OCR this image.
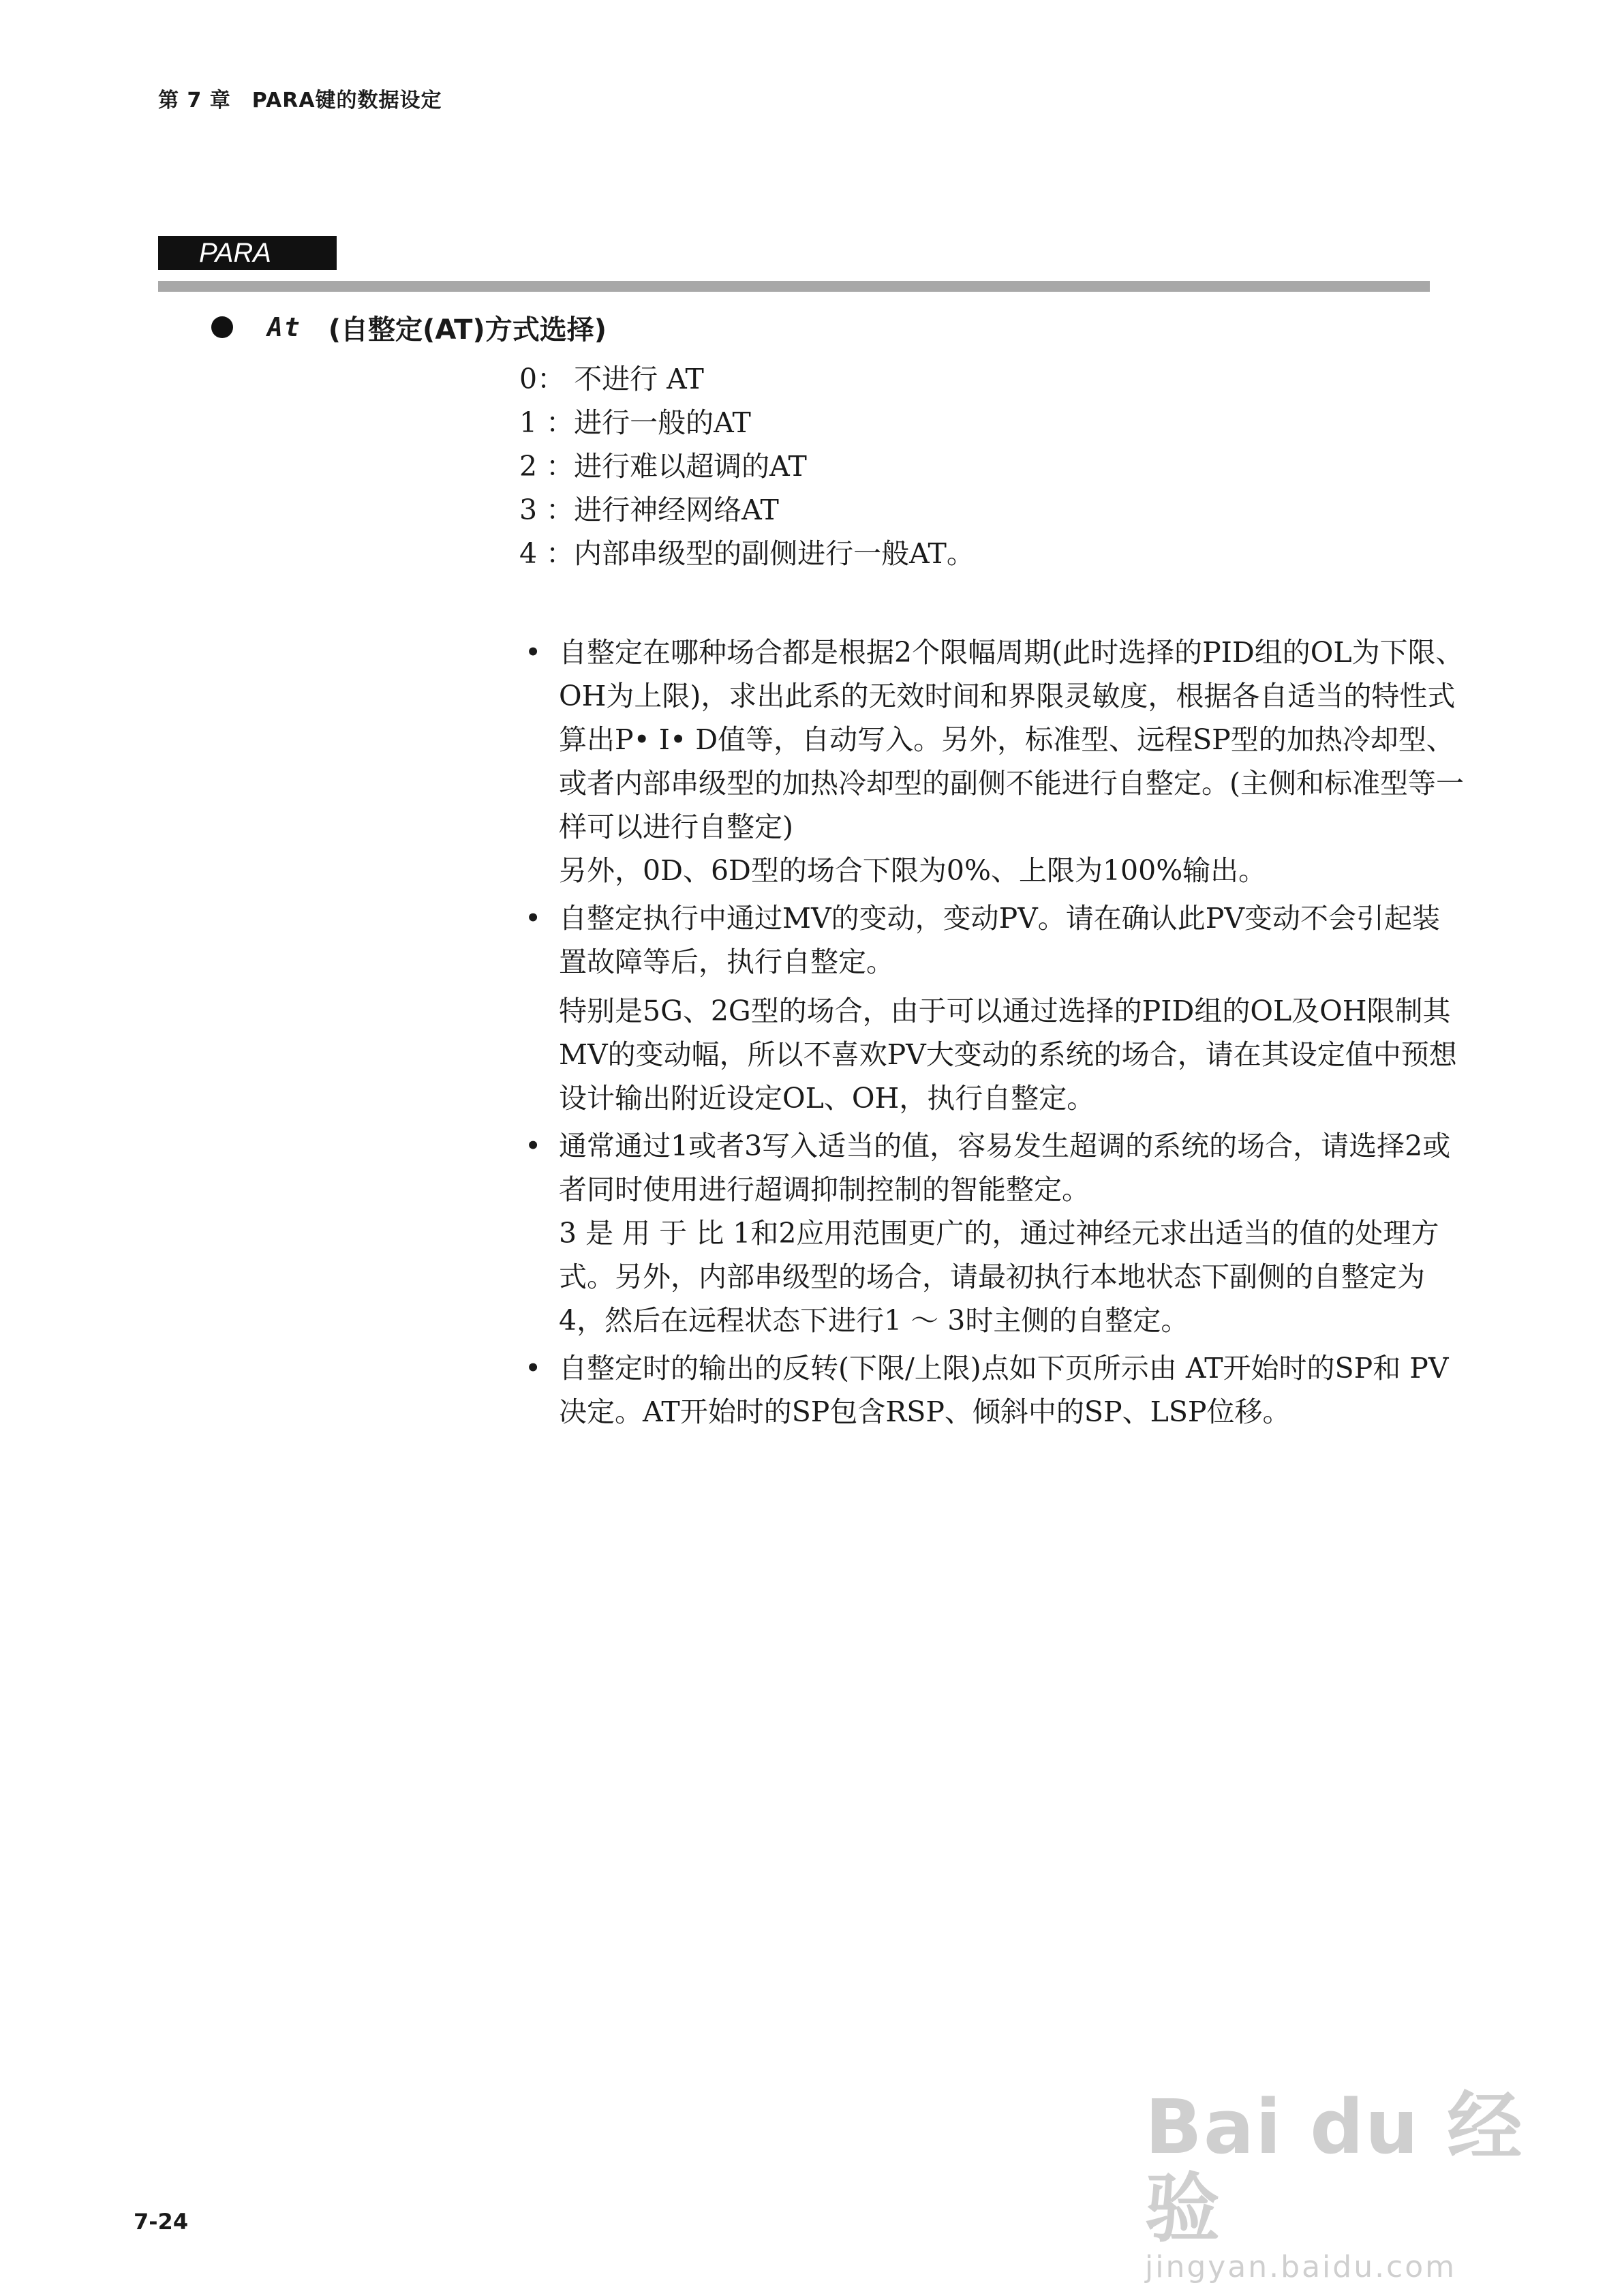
第 7 章　PARA键的数据设定
PARA
At (自整定(AT)方式选择)
0： 不进行 AT
1 ：进行一般的AT
2 ：进行难以超调的AT
3 ：进行神经网络AT
4 ：内部串级型的副侧进行一般AT。

• 自整定在哪种场合都是根据2个限幅周期(此时选择的PID组的OL为下限、OH为上限)，求出此系的无效时间和界限灵敏度，根据各自适当的特性式算出P• I• D值等，自动写入。另外，标准型、远程SP型的加热冷却型、或者内部串级型的加热冷却型的副侧不能进行自整定。(主侧和标准型等一样可以进行自整定)

另外，0D、6D型的场合下限为0%、上限为100%输出。

• 自整定执行中通过MV的变动，变动PV。请在确认此PV变动不会引起装置故障等后，执行自整定。

特别是5G、2G型的场合，由于可以通过选择的PID组的OL及OH限制其MV的变动幅，所以不喜欢PV大变动的系统的场合，请在其设定值中预想设计输出附近设定OL、OH，执行自整定。

• 通常通过1或者3写入适当的值，容易发生超调的系统的场合，请选择2或者同时使用进行超调抑制控制的智能整定。

3 是 用 于 比 1和2应用范围更广的，通过神经元求出适当的值的处理方式。另外，内部串级型的场合，请最初执行本地状态下副侧的自整定为4，然后在远程状态下进行1 ～ 3时主侧的自整定。

• 自整定时的输出的反转(下限/上限)点如下页所示由 AT开始时的SP和 PV决定。AT开始时的SP包含RSP、倾斜中的SP、LSP位移。

7-24
Bai du 经验
jingyan.baidu.com
